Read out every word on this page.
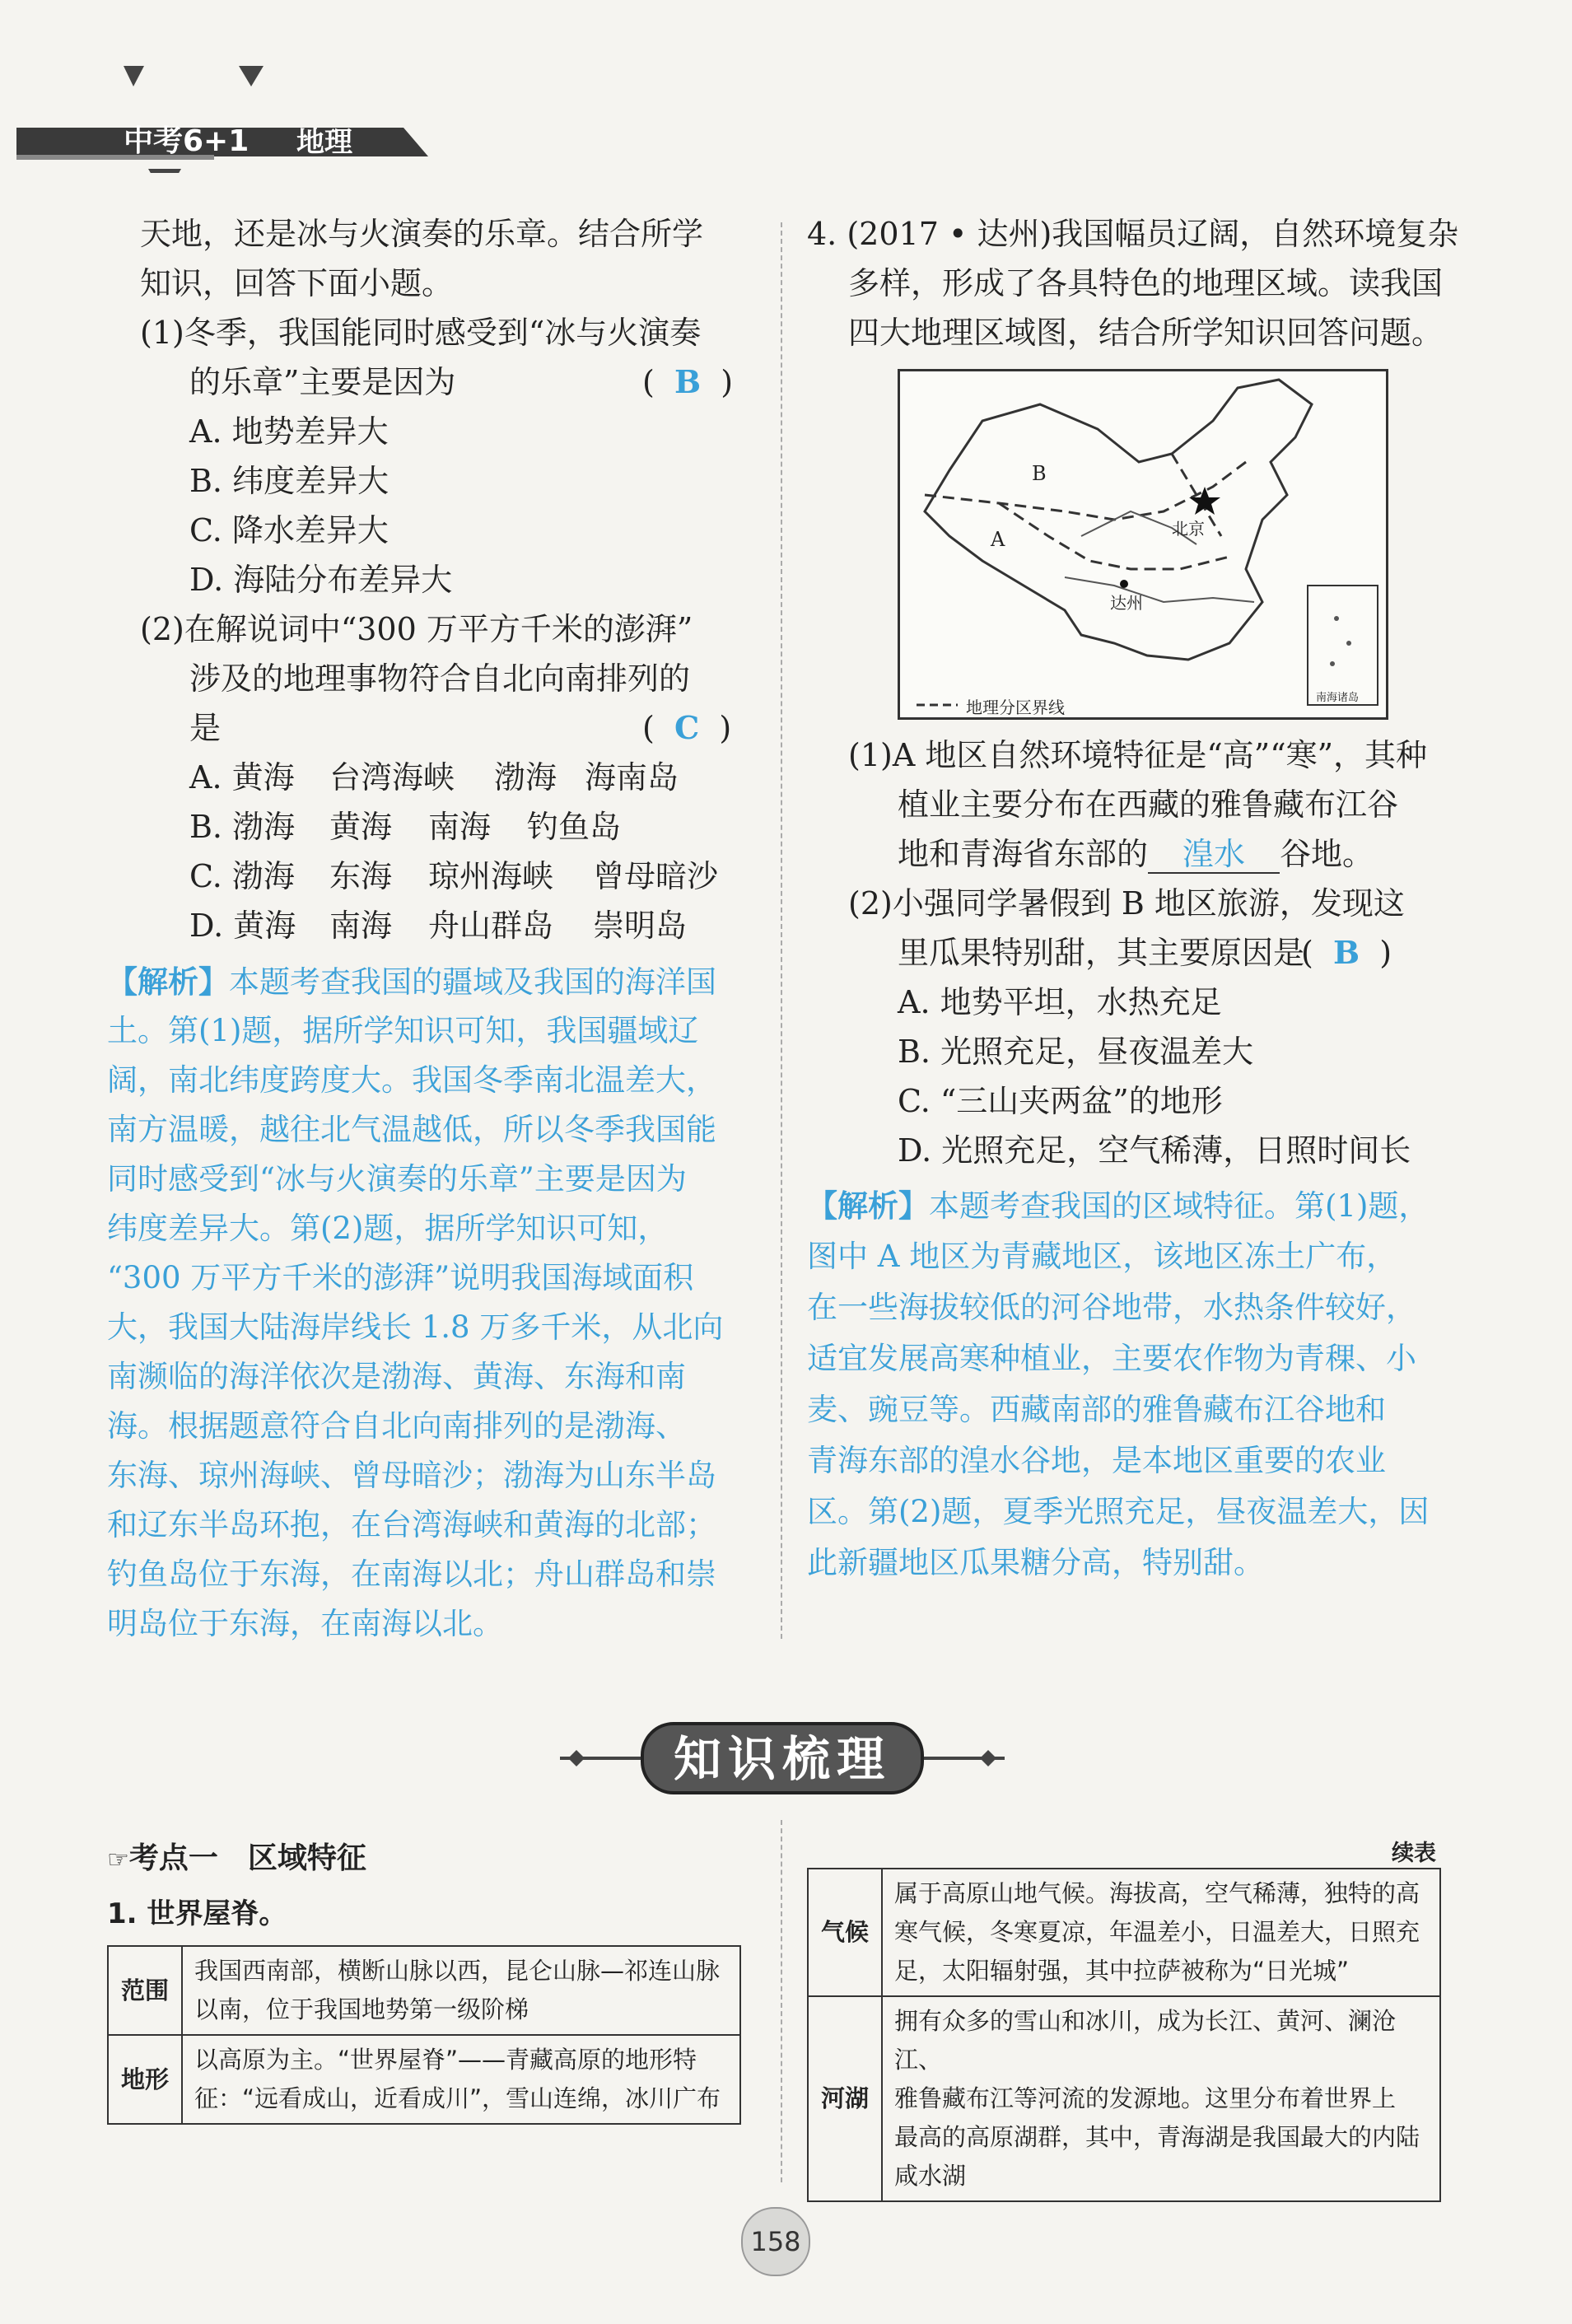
中考6+1 地理
天地，还是冰与火演奏的乐章。结合所学
知识，回答下面小题。
(1)冬季，我国能同时感受到“冰与火演奏
的乐章”主要是因为	(  B  )
A. 地势差异大
B. 纬度差异大
C. 降水差异大
D. 海陆分布差异大
(2)在解说词中“300 万平方千米的澎湃”
涉及的地理事物符合自北向南排列的
是	(  C  )
A. 黄海 台湾海峡 渤海 海南岛
B. 渤海 黄海 南海 钓鱼岛
C. 渤海 东海 琼州海峡 曾母暗沙
D. 黄海 南海 舟山群岛 崇明岛
【解析】本题考查我国的疆域及我国的海洋国
土。第(1)题，据所学知识可知，我国疆域辽
阔，南北纬度跨度大。我国冬季南北温差大，
南方温暖，越往北气温越低，所以冬季我国能
同时感受到“冰与火演奏的乐章”主要是因为
纬度差异大。第(2)题，据所学知识可知，
“300 万平方千米的澎湃”说明我国海域面积
大，我国大陆海岸线长 1.8 万多千米，从北向
南濒临的海洋依次是渤海、黄海、东海和南
海。根据题意符合自北向南排列的是渤海、
东海、琼州海峡、曾母暗沙；渤海为山东半岛
和辽东半岛环抱，在台湾海峡和黄海的北部；
钓鱼岛位于东海，在南海以北；舟山群岛和崇
明岛位于东海，在南海以北。
4. (2017 • 达州)我国幅员辽阔，自然环境复杂
多样，形成了各具特色的地理区域。读我国
四大地理区域图，结合所学知识回答问题。
A
B
北京
达州
地理分区界线	南海诸岛
(1)A 地区自然环境特征是“高”“寒”，其种
植业主要分布在西藏的雅鲁藏布江谷
地和青海省东部的 湟水 谷地。
(2)小强同学暑假到 B 地区旅游，发现这
里瓜果特别甜，其主要原因是
(  B  )
A. 地势平坦，水热充足
B. 光照充足，昼夜温差大
C. “三山夹两盆”的地形
D. 光照充足，空气稀薄，日照时间长
【解析】本题考查我国的区域特征。第(1)题，
图中 A 地区为青藏地区，该地区冻土广布，
在一些海拔较低的河谷地带，水热条件较好，
适宜发展高寒种植业，主要农作物为青稞、小
麦、豌豆等。西藏南部的雅鲁藏布江谷地和
青海东部的湟水谷地，是本地区重要的农业
区。第(2)题，夏季光照充足，昼夜温差大，因
此新疆地区瓜果糖分高，特别甜。
知识梳理
☞考点一　区域特征
1. 世界屋脊。
续表
范围	我国西南部，横断山脉以西，昆仑山脉—祁连山脉
以南，位于我国地势第一级阶梯

地形	以高原为主。“世界屋脊”——青藏高原的地形特
征：“远看成山，近看成川”，雪山连绵，冰川广布
气候	属于高原山地气候。海拔高，空气稀薄，独特的高
寒气候，冬寒夏凉，年温差小，日温差大，日照充
足，太阳辐射强，其中拉萨被称为“日光城”

河湖	拥有众多的雪山和冰川，成为长江、黄河、澜沧江、
雅鲁藏布江等河流的发源地。这里分布着世界上
最高的高原湖群，其中，青海湖是我国最大的内陆
咸水湖
158
